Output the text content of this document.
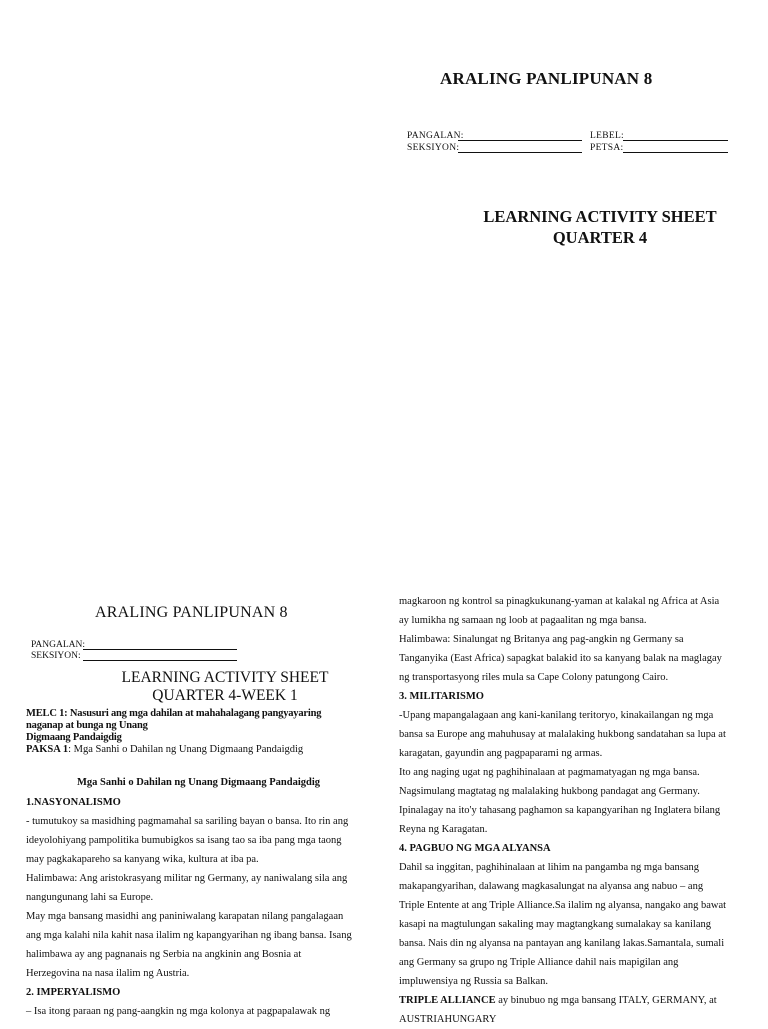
ARALING PANLIPUNAN 8
PANGALAN:
SEKSIYON:
LEBEL:
PETSA:
LEARNING ACTIVITY SHEET
QUARTER 4
ARALING PANLIPUNAN 8
PANGALAN:
SEKSIYON:
LEARNING ACTIVITY SHEET
QUARTER 4-WEEK 1
MELC 1: Nasusuri ang mga dahilan at mahahalagang pangyayaring
naganap at bunga ng Unang
Digmaang Pandaigdig
PAKSA 1: Mga Sanhi o Dahilan ng Unang Digmaang Pandaigdig
Mga Sanhi o Dahilan ng Unang Digmaang Pandaigdig

1.NASYONALISMO

- tumutukoy sa masidhing pagmamahal sa sariling bayan o bansa. Ito rin ang

ideyolohiyang pampolitika bumubigkos sa isang tao sa iba pang mga taong

may pagkakapareho sa kanyang wika, kultura at iba pa.

Halimbawa: Ang aristokrasyang militar ng Germany, ay naniwalang sila ang

nangungunang lahi sa Europe.

May mga bansang masidhi ang paniniwalang karapatan nilang pangalagaan

ang mga kalahi nila kahit nasa ilalim ng kapangyarihan ng ibang bansa. Isang

halimbawa ay ang pagnanais ng Serbia na angkinin ang Bosnia at

Herzegovina na nasa ilalim ng Austria.

2. IMPERYALISMO

– Isa itong paraan ng pang-aangkin ng mga kolonya at pagpapalawak ng

magkaroon ng kontrol sa pinagkukunang-yaman at kalakal ng Africa at Asia

ay lumikha ng samaan ng loob at pagaalitan ng mga bansa.

Halimbawa: Sinalungat ng Britanya ang pag-angkin ng Germany sa

Tanganyika (East Africa) sapagkat balakid ito sa kanyang balak na maglagay

ng transportasyong riles mula sa Cape Colony patungong Cairo.

3. MILITARISMO

-Upang mapangalagaan ang kani-kanilang teritoryo, kinakailangan ng mga

bansa sa Europe ang mahuhusay at malalaking hukbong sandatahan sa lupa at

karagatan, gayundin ang pagpaparami ng armas.

Ito ang naging ugat ng paghihinalaan at pagmamatyagan ng mga bansa.

Nagsimulang magtatag ng malalaking hukbong pandagat ang Germany.

Ipinalagay na ito'y tahasang paghamon sa kapangyarihan ng Inglatera bilang

Reyna ng Karagatan.

4. PAGBUO NG MGA ALYANSA

Dahil sa inggitan, paghihinalaan at lihim na pangamba ng mga bansang

makapangyarihan, dalawang magkasalungat na alyansa ang nabuo – ang

Triple Entente at ang Triple Alliance.Sa ilalim ng alyansa, nangako ang bawat

kasapi na magtulungan sakaling may magtangkang sumalakay sa kanilang

bansa. Nais din ng alyansa na pantayan ang kanilang lakas.Samantala, sumali

ang Germany sa grupo ng Triple Alliance dahil nais mapigilan ang

impluwensiya ng Russia sa Balkan.

TRIPLE ALLIANCE ay binubuo ng mga bansang ITALY, GERMANY, at

AUSTRIAHUNGARY
